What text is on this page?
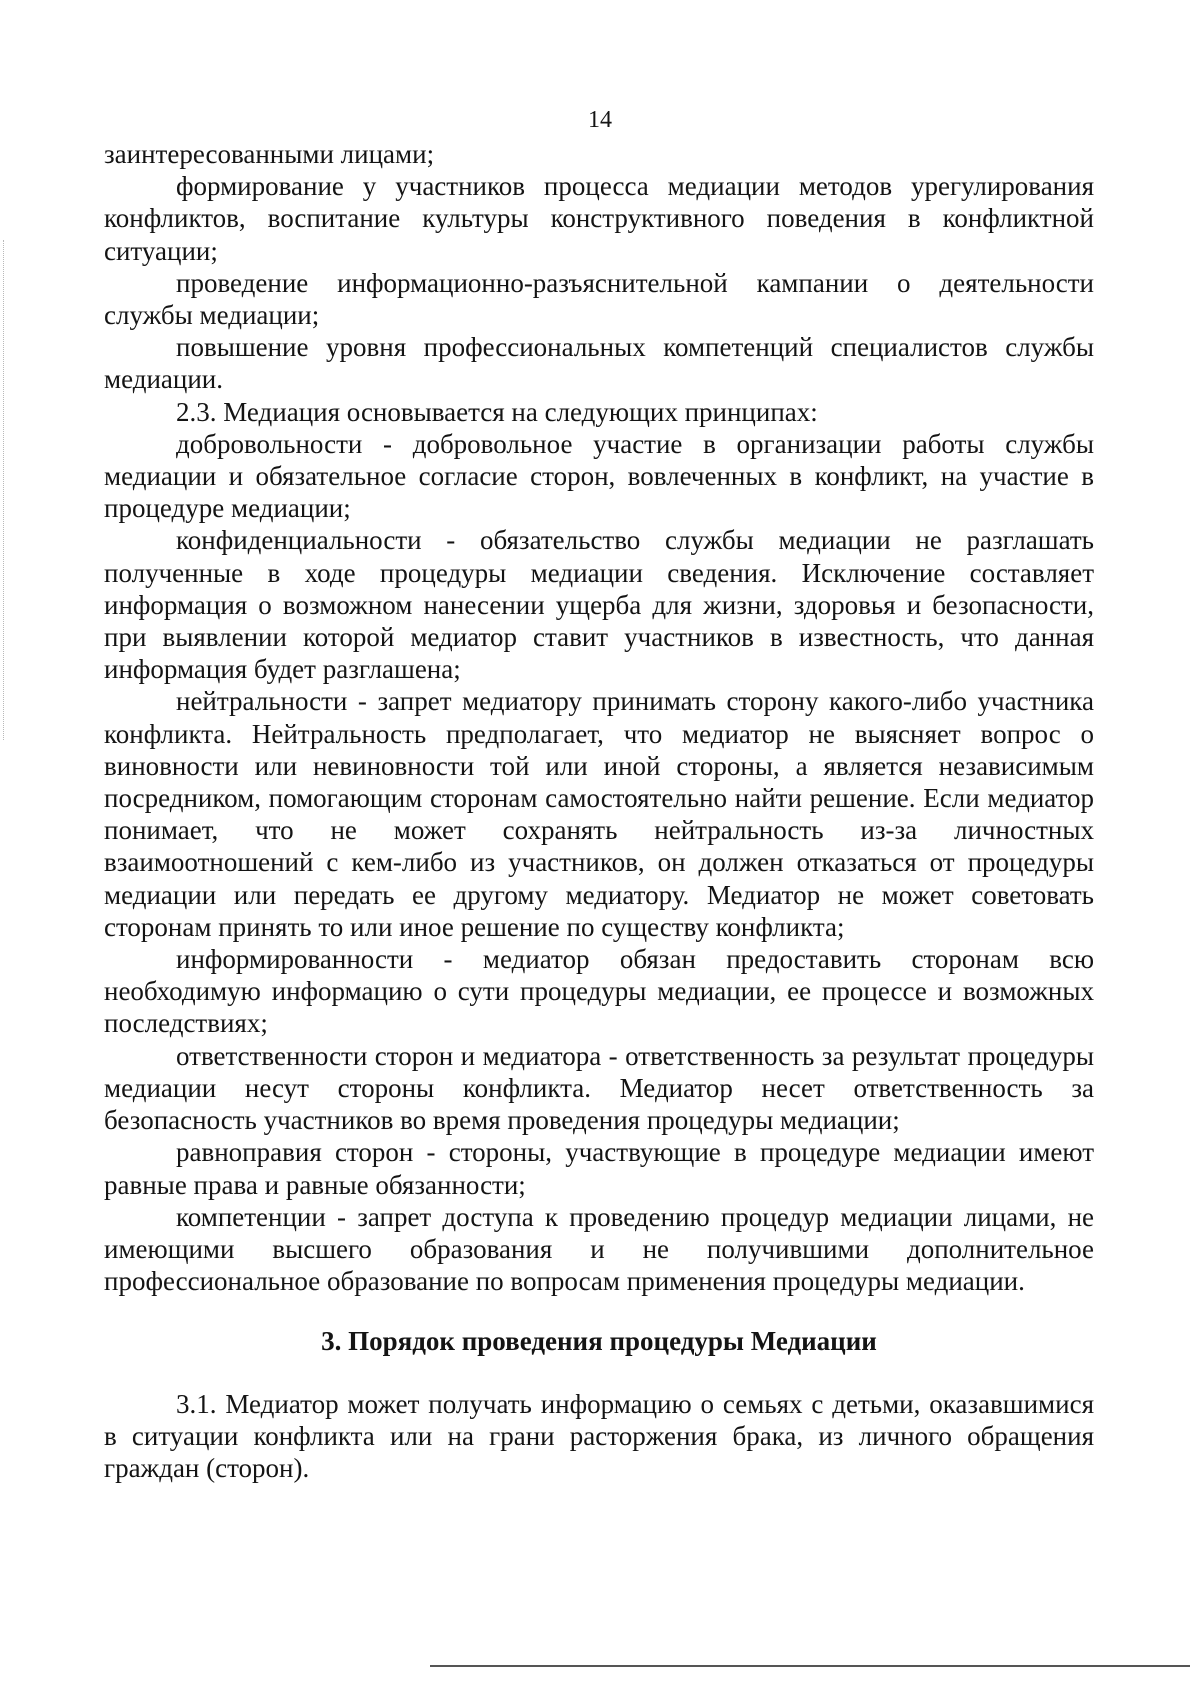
14

заинтересованными лицами;

формирование у участников процесса медиации методов урегулирования конфликтов, воспитание культуры конструктивного поведения в конфликтной ситуации;

проведение информационно-разъяснительной кампании о деятельности службы медиации;

повышение уровня профессиональных компетенций специалистов службы медиации.

2.3. Медиация основывается на следующих принципах:

добровольности - добровольное участие в организации работы службы медиации и обязательное согласие сторон, вовлеченных в конфликт, на участие в процедуре медиации;

конфиденциальности - обязательство службы медиации не разглашать полученные в ходе процедуры медиации сведения. Исключение составляет информация о возможном нанесении ущерба для жизни, здоровья и безопасности, при выявлении которой медиатор ставит участников в известность, что данная информация будет разглашена;

нейтральности - запрет медиатору принимать сторону какого-либо участника конфликта. Нейтральность предполагает, что медиатор не выясняет вопрос о виновности или невиновности той или иной стороны, а является независимым посредником, помогающим сторонам самостоятельно найти решение. Если медиатор понимает, что не может сохранять нейтральность из-за личностных взаимоотношений с кем-либо из участников, он должен отказаться от процедуры медиации или передать ее другому медиатору. Медиатор не может советовать сторонам принять то или иное решение по существу конфликта;

информированности - медиатор обязан предоставить сторонам всю необходимую информацию о сути процедуры медиации, ее процессе и возможных последствиях;

ответственности сторон и медиатора - ответственность за результат процедуры медиации несут стороны конфликта. Медиатор несет ответственность за безопасность участников во время проведения процедуры медиации;

равноправия сторон - стороны, участвующие в процедуре медиации имеют равные права и равные обязанности;

компетенции - запрет доступа к проведению процедур медиации лицами, не имеющими высшего образования и не получившими дополнительное профессиональное образование по вопросам применения процедуры медиации.

3. Порядок проведения процедуры Медиации

3.1. Медиатор может получать информацию о семьях с детьми, оказавшимися в ситуации конфликта или на грани расторжения брака, из личного обращения граждан (сторон).
